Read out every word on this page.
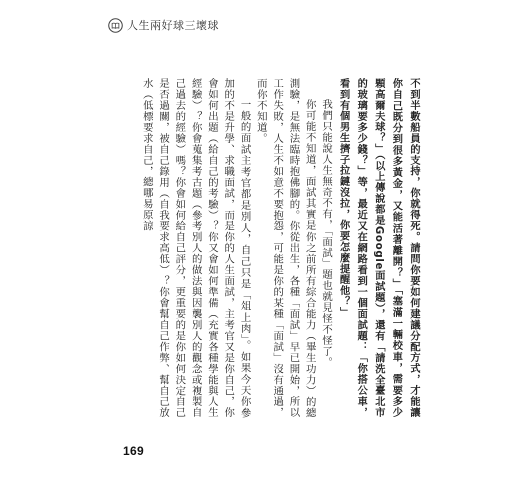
人生兩好球三壞球

不到半數船員的支持，你就得死。請問你要如何建議分配方式，才能讓你自己既分到很多黃金，又能活著離開？」「塞滿一輛校車，需要多少顆高爾夫球？」（以上傳說都是Google面試題），還有「請洗全臺北市的玻璃要多少錢？」等，最近又在網路看到一個面試題：「你搭公車，看到有個男生擠子拉鏈沒拉，你要怎麼提醒他？」

我們只能說人生無奇不有，「面試」題也就見怪不怪了。

你可能不知道，面試其實是你之前所有綜合能力（畢生功力）的總測驗，是無法臨時抱佛腳的。你從出生，各種「面試」早已開始，所以工作失敗，人生不如意不要抱怨，可能是你的某種「面試」沒有通過，而你不知道。

一般的面試主考官都是別人，自己只是「俎上肉」。如果今天你參加的不是升學、求職面試，而是你的人生面試，主考官又是你自己，你會如何出題（給自己的考驗）？你又會如何準備（充實各種學能與人生經驗）？你會蒐集考古題（參考別人的做法與因襲別人的觀念或複製自己過去的經驗）嗎？你會如何給自己評分，更重要的是你如何決定自己是否過關，被自己錄用（自我要求高低）？你會幫自己作弊、幫自己放水（低標要求自己，總哪易原諒

169
